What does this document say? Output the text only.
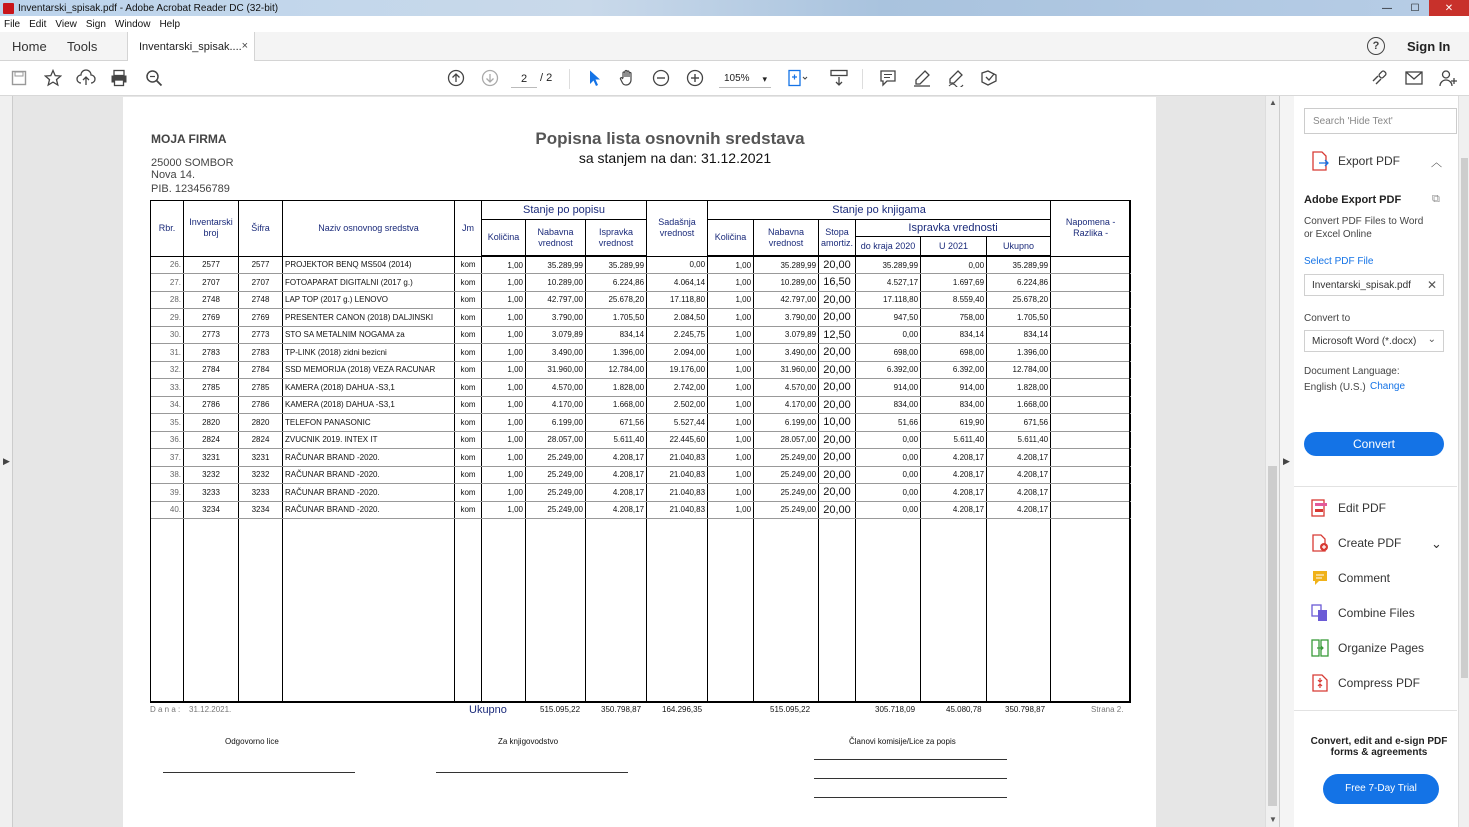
Inventarski_spisak.pdf - Adobe Acrobat Reader DC (32-bit)	—	☐	✕
File Edit View Sign Window Help
Home Tools	Inventarski_spisak.... ×	?	Sign In
2	/ 2	105% ▾
▶
▲
▼
▶
MOJA FIRMA
25000 SOMBOR
Nova 14.
PIB. 123456789
Popisna lista osnovnih sredstava
sa stanjem na dan: 31.12.2021
Rbr.	Inventarski broj	Šifra	Naziv osnovnog sredstva	Jm	Stanje po popisu			Sadašnja vrednost	Stanje po knjigama						Napomena - Razlika -
					Količina	Nabavna vrednost	Ispravka vrednost		Količina	Nabavna vrednost	Stopa amortiz.	Ispravka vrednosti
do kraja 2020 U 2021 Ukupno			

26.	2577	2577	PROJEKTOR BENQ MS504 (2014)	kom	1,00	35.289,99	35.289,99	0,00	1,00	35.289,99	20,00	35.289,99	0,00	35.289,99	
27.	2707	2707	FOTOAPARAT DIGITALNI (2017 g.)	kom	1,00	10.289,00	6.224,86	4.064,14	1,00	10.289,00	16,50	4.527,17	1.697,69	6.224,86	
28.	2748	2748	LAP TOP (2017 g.) LENOVO	kom	1,00	42.797,00	25.678,20	17.118,80	1,00	42.797,00	20,00	17.118,80	8.559,40	25.678,20	
29.	2769	2769	PRESENTER CANON (2018) DALJINSKI	kom	1,00	3.790,00	1.705,50	2.084,50	1,00	3.790,00	20,00	947,50	758,00	1.705,50	
30.	2773	2773	STO SA METALNIM NOGAMA za	kom	1,00	3.079,89	834,14	2.245,75	1,00	3.079,89	12,50	0,00	834,14	834,14	
31.	2783	2783	TP-LINK (2018) zidni bezicni	kom	1,00	3.490,00	1.396,00	2.094,00	1,00	3.490,00	20,00	698,00	698,00	1.396,00	
32.	2784	2784	SSD MEMORIJA (2018) VEZA RACUNAR	kom	1,00	31.960,00	12.784,00	19.176,00	1,00	31.960,00	20,00	6.392,00	6.392,00	12.784,00	
33.	2785	2785	KAMERA (2018) DAHUA -S3,1	kom	1,00	4.570,00	1.828,00	2.742,00	1,00	4.570,00	20,00	914,00	914,00	1.828,00	
34.	2786	2786	KAMERA (2018) DAHUA -S3,1	kom	1,00	4.170,00	1.668,00	2.502,00	1,00	4.170,00	20,00	834,00	834,00	1.668,00	
35.	2820	2820	TELEFON PANASONIC	kom	1,00	6.199,00	671,56	5.527,44	1,00	6.199,00	10,00	51,66	619,90	671,56	
36.	2824	2824	ZVUCNIK 2019. INTEX IT	kom	1,00	28.057,00	5.611,40	22.445,60	1,00	28.057,00	20,00	0,00	5.611,40	5.611,40	
37.	3231	3231	RAČUNAR BRAND -2020.	kom	1,00	25.249,00	4.208,17	21.040,83	1,00	25.249,00	20,00	0,00	4.208,17	4.208,17	
38.	3232	3232	RAČUNAR BRAND -2020.	kom	1,00	25.249,00	4.208,17	21.040,83	1,00	25.249,00	20,00	0,00	4.208,17	4.208,17	
39.	3233	3233	RAČUNAR BRAND -2020.	kom	1,00	25.249,00	4.208,17	21.040,83	1,00	25.249,00	20,00	0,00	4.208,17	4.208,17	
40.	3234	3234	RAČUNAR BRAND -2020.	kom	1,00	25.249,00	4.208,17	21.040,83	1,00	25.249,00	20,00	0,00	4.208,17	4.208,17	

D a n a : 31.12.2021.	Ukupno	515.095,22	350.798,87	164.296,35	515.095,22	305.718,09	45.080,78	350.798,87	Strana 2.
Odgovorno lice	Za knjigovodstvo	Članovi komisije/Lice za popis
Search 'Hide Text'
Export PDF	︿
Adobe Export PDF	⧉
Convert PDF Files to Word
or Excel Online
Select PDF File
Inventarski_spisak.pdf ✕
Convert to
Microsoft Word (*.docx) ⌄
Document Language:
English (U.S.) Change
Convert
Edit PDF
Create PDF ⌄
Comment
Combine Files
Organize Pages
Compress PDF
Convert, edit and e-sign PDF
forms & agreements
Free 7-Day Trial
